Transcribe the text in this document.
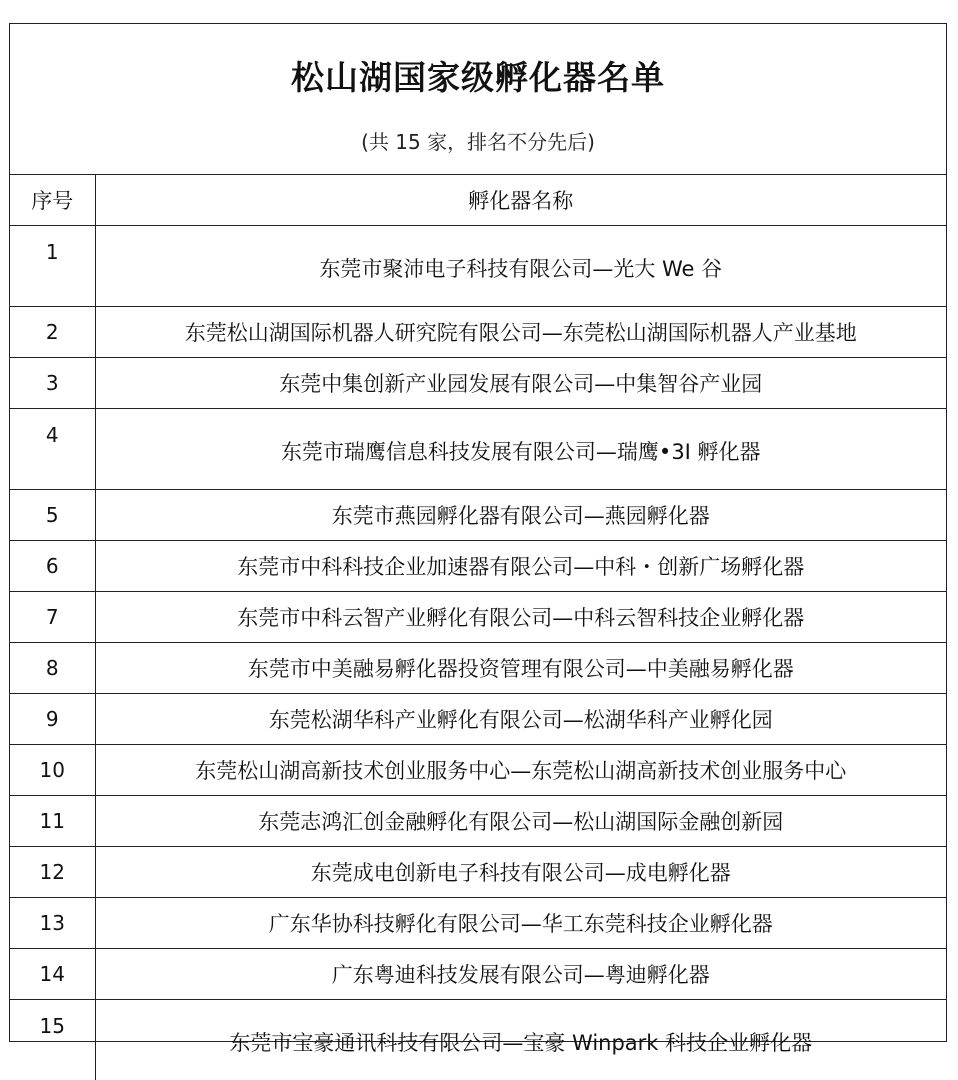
松山湖国家级孵化器名单
(共 15 家，排名不分先后)
序号	孵化器名称
1	东莞市聚沛电子科技有限公司—光大 We 谷
2	东莞松山湖国际机器人研究院有限公司—东莞松山湖国际机器人产业基地
3	东莞中集创新产业园发展有限公司—中集智谷产业园
4	东莞市瑞鹰信息科技发展有限公司—瑞鹰•3I 孵化器
5	东莞市燕园孵化器有限公司—燕园孵化器
6	东莞市中科科技企业加速器有限公司—中科・创新广场孵化器
7	东莞市中科云智产业孵化有限公司—中科云智科技企业孵化器
8	东莞市中美融易孵化器投资管理有限公司—中美融易孵化器
9	东莞松湖华科产业孵化有限公司—松湖华科产业孵化园
10	东莞松山湖高新技术创业服务中心—东莞松山湖高新技术创业服务中心
11	东莞志鸿汇创金融孵化有限公司—松山湖国际金融创新园
12	东莞成电创新电子科技有限公司—成电孵化器
13	广东华协科技孵化有限公司—华工东莞科技企业孵化器
14	广东粤迪科技发展有限公司—粤迪孵化器
15	东莞市宝豪通讯科技有限公司—宝豪 Winpark 科技企业孵化器
